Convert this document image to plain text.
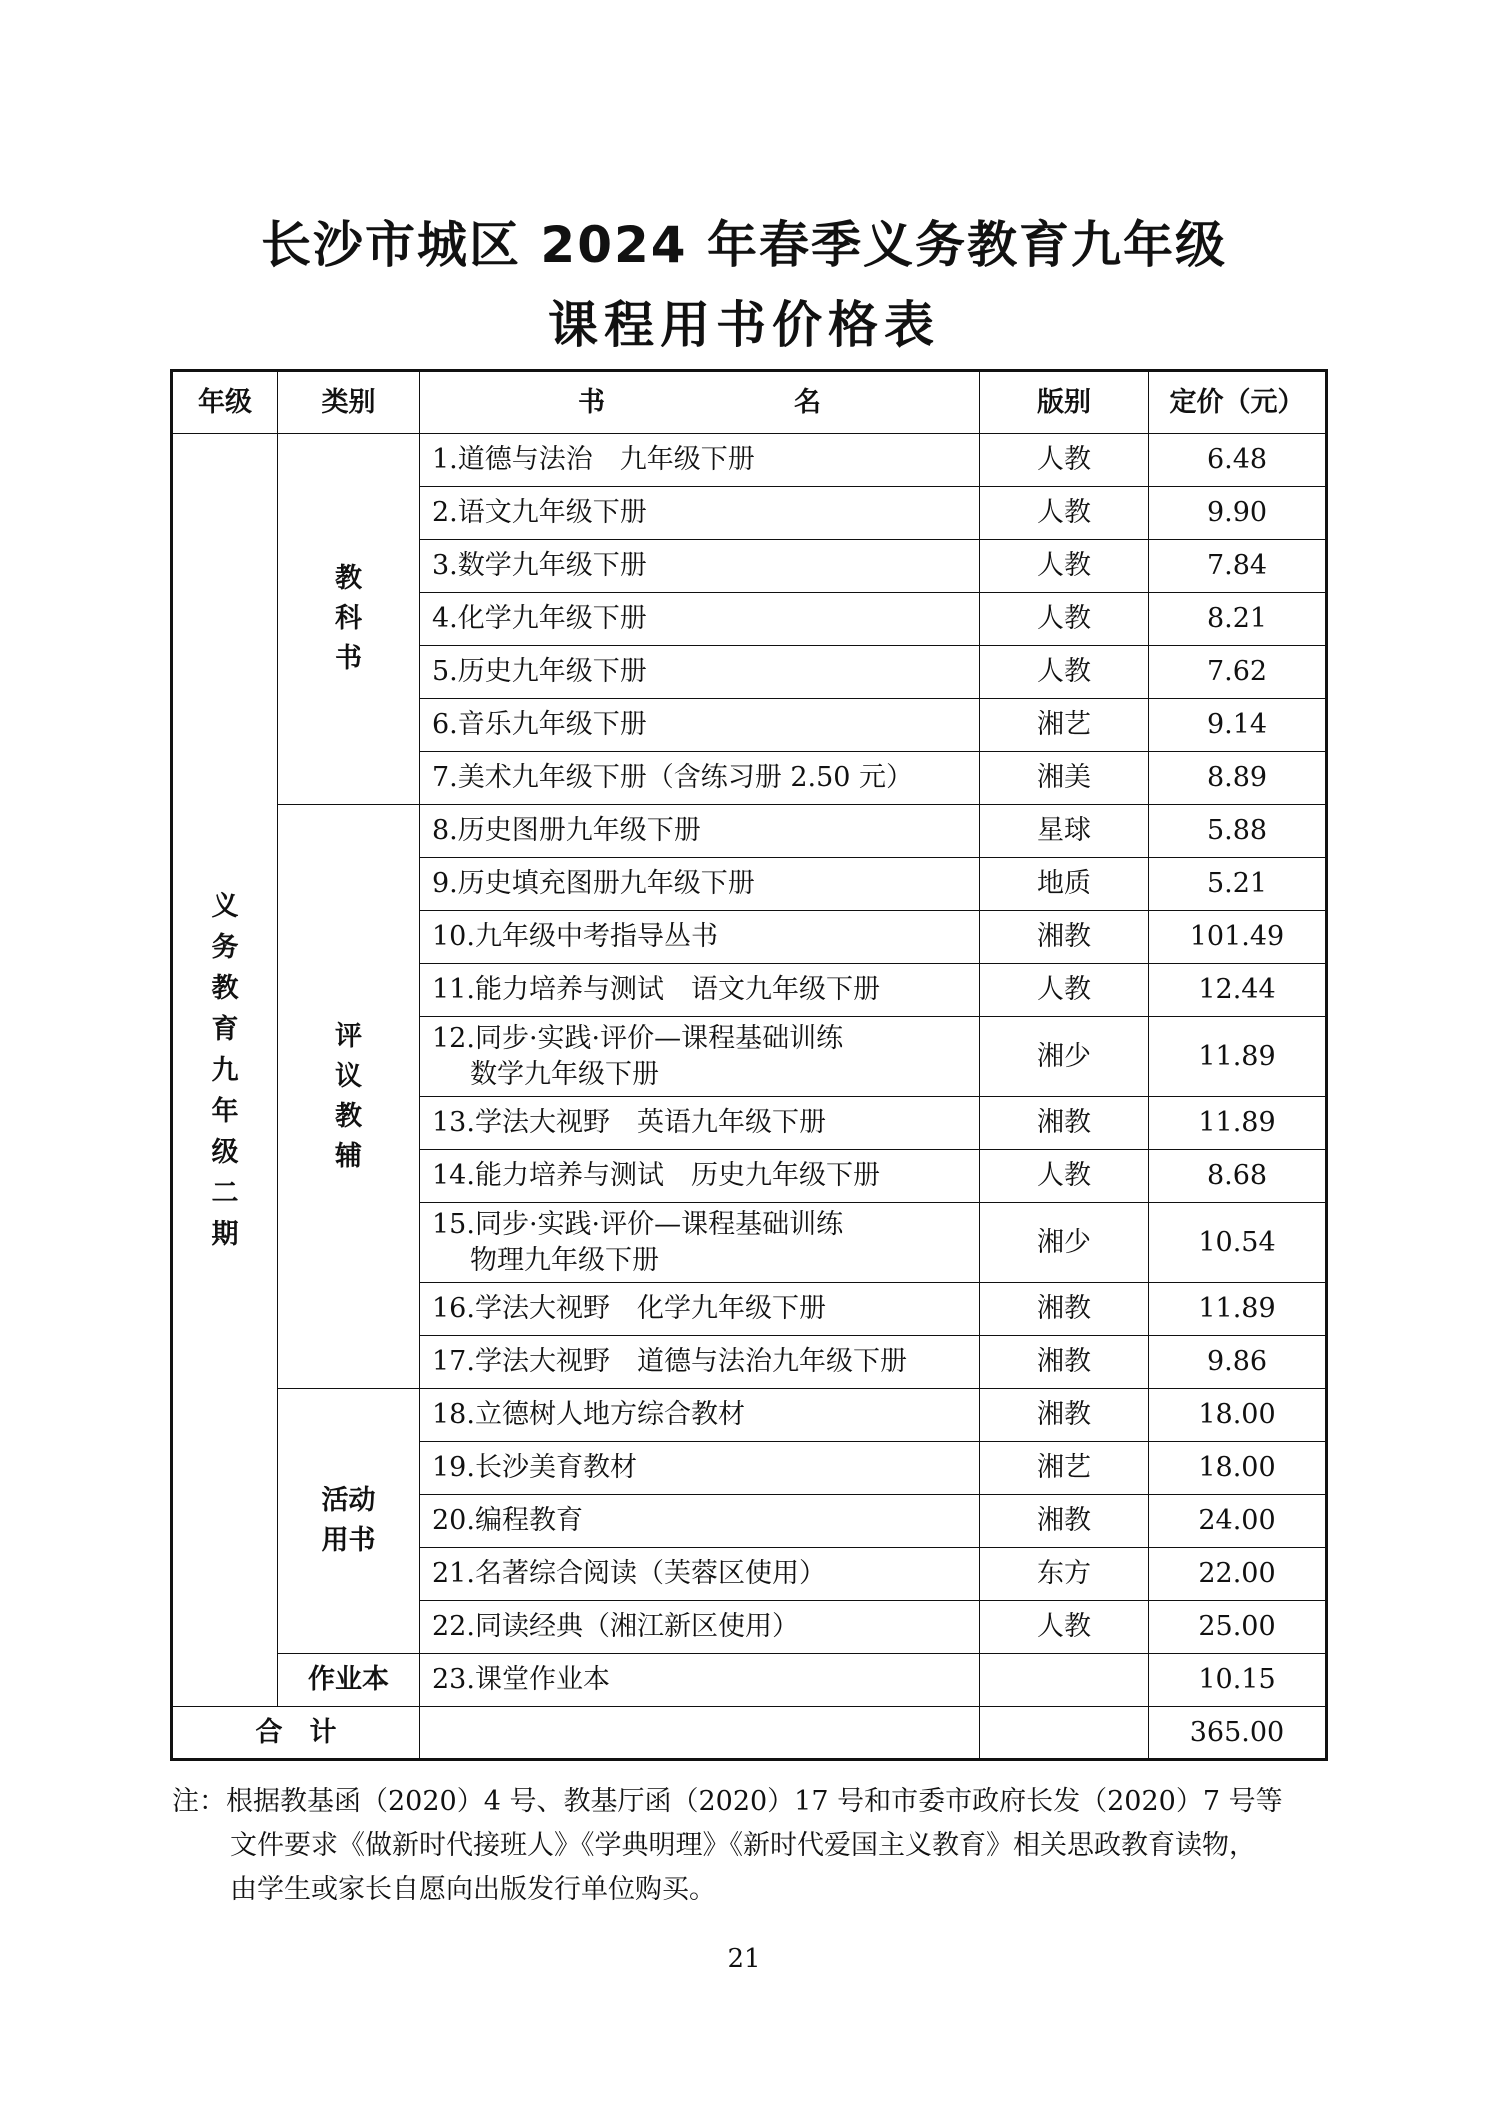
长沙市城区 2024 年春季义务教育九年级
课程用书价格表
年级	类别	书　　　　　　　名	版别	定价（元）
义务教育九年级二期	教科书	1.道德与法治　九年级下册	人教	6.48
		2.语文九年级下册	人教	9.90
		3.数学九年级下册	人教	7.84
		4.化学九年级下册	人教	8.21
		5.历史九年级下册	人教	7.62
		6.音乐九年级下册	湘艺	9.14
		7.美术九年级下册（含练习册 2.50 元）	湘美	8.89
	评议教辅	8.历史图册九年级下册	星球	5.88
		9.历史填充图册九年级下册	地质	5.21
		10.九年级中考指导丛书	湘教	101.49
		11.能力培养与测试　语文九年级下册	人教	12.44
		12.同步·实践·评价—课程基础训练
数学九年级下册	湘少	11.89
		13.学法大视野　英语九年级下册	湘教	11.89
		14.能力培养与测试　历史九年级下册	人教	8.68
		15.同步·实践·评价—课程基础训练
物理九年级下册	湘少	10.54
		16.学法大视野　化学九年级下册	湘教	11.89
		17.学法大视野　道德与法治九年级下册	湘教	9.86
	活动用书	18.立德树人地方综合教材	湘教	18.00
		19.长沙美育教材	湘艺	18.00
		20.编程教育	湘教	24.00
		21.名著综合阅读（芙蓉区使用）	东方	22.00
		22.同读经典（湘江新区使用）	人教	25.00
	作业本	23.课堂作业本		10.15
合　计				365.00
注：根据教基函（2020）4 号、教基厅函（2020）17 号和市委市政府长发（2020）7 号等
文件要求《做新时代接班人》《学典明理》《新时代爱国主义教育》相关思政教育读物，
由学生或家长自愿向出版发行单位购买。
21
